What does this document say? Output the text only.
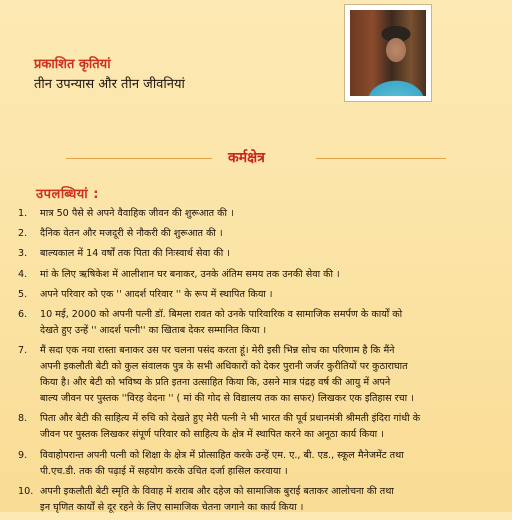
प्रकाशित कृतियां
तीन उपन्यास और तीन जीवनियां
कर्मक्षेत्र
उपलब्धियां :
1.	मात्र 50 पैसे से अपने वैवाहिक जीवन की शुरूआत की ।
2.	दैनिक वेतन और मजदूरी से नौकरी की शुरूआत की ।
3.	बाल्यकाल में 14 वर्षों तक पिता की निःस्वार्थ सेवा की ।
4.	मां के लिए ऋषिकेश में आलीशान घर बनाकर, उनके अंतिम समय तक उनकी सेवा की ।
5.	अपने परिवार को एक '' आदर्श परिवार '' के रूप में स्थापित किया ।
6.	10 मई, 2000 को अपनी पत्नी डॉ. बिमला रावत को उनके पारिवारिक व सामाजिक समर्पण के कार्यों को
देखते हुए उन्हें '' आदर्श पत्नी'' का खिताब देकर सम्मानित किया ।
7.	मैं सदा एक नया रास्ता बनाकर उस पर चलना पसंद करता हूं। मेरी इसी भिन्न सोच का परिणाम है कि मैंने
अपनी इकलौती बेटी को कुल संवालक पुत्र के सभी अधिकारों को देकर पुरानी जर्जर कुरीतियों पर कुठाराघात
किया है। और बेटी को भविष्य के प्रति इतना उत्साहित किया कि, उसने मात्र पंद्रह वर्ष की आयु में अपने
बाल्य जीवन पर पुस्तक ''विरह वेदना '' ( मां की गोद से विद्यालय तक का सफर) लिखकर एक इतिहास रचा ।
8.	पिता और बेटी की साहित्य में रुचि को देखते हुए मेरी पत्नी ने भी भारत की पूर्व प्रधानमंत्री श्रीमती इंदिरा गांधी के
जीवन पर पुस्तक लिखकर संपूर्ण परिवार को साहित्य के क्षेत्र में स्थापित करने का अनूठा कार्य किया ।
9.	विवाहोपरान्त अपनी पत्नी को शिक्षा के क्षेत्र में प्रोत्साहित करके उन्हें एम. ए., बी. एड., स्कूल मैनेजमेंट तथा
पी.एच.डी. तक की पढ़ाई में सहयोग करके उचित दर्जा हासिल करवाया ।
10. अपनी इकलौती बेटी स्मृति के विवाह में शराब और दहेज को सामाजिक बुराई बताकर आलोचना की तथा
इन घृणित कार्यों से दूर रहने के लिए सामाजिक चेतना जगाने का कार्य किया ।
